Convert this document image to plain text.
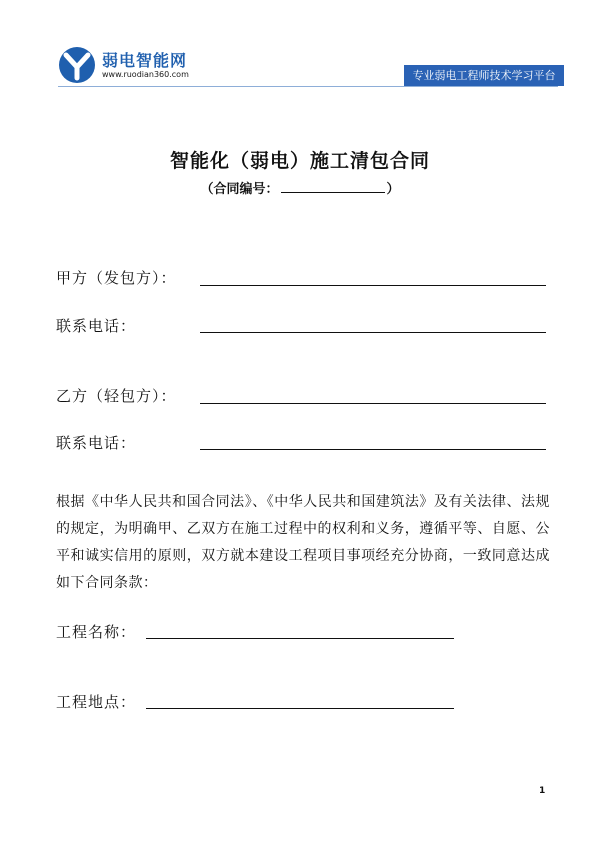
弱电智能网
www.ruodian360.com	专业弱电工程师技术学习平台
智能化（弱电）施工清包合同
（合同编号：	）
甲方（发包方）：
联系电话：
乙方（轻包方）：
联系电话：
根据《中华人民共和国合同法》、《中华人民共和国建筑法》及有关法律、法规的规定，为明确甲、乙双方在施工过程中的权利和义务，遵循平等、自愿、公平和诚实信用的原则，双方就本建设工程项目事项经充分协商，一致同意达成如下合同条款：
工程名称：
工程地点：
1
